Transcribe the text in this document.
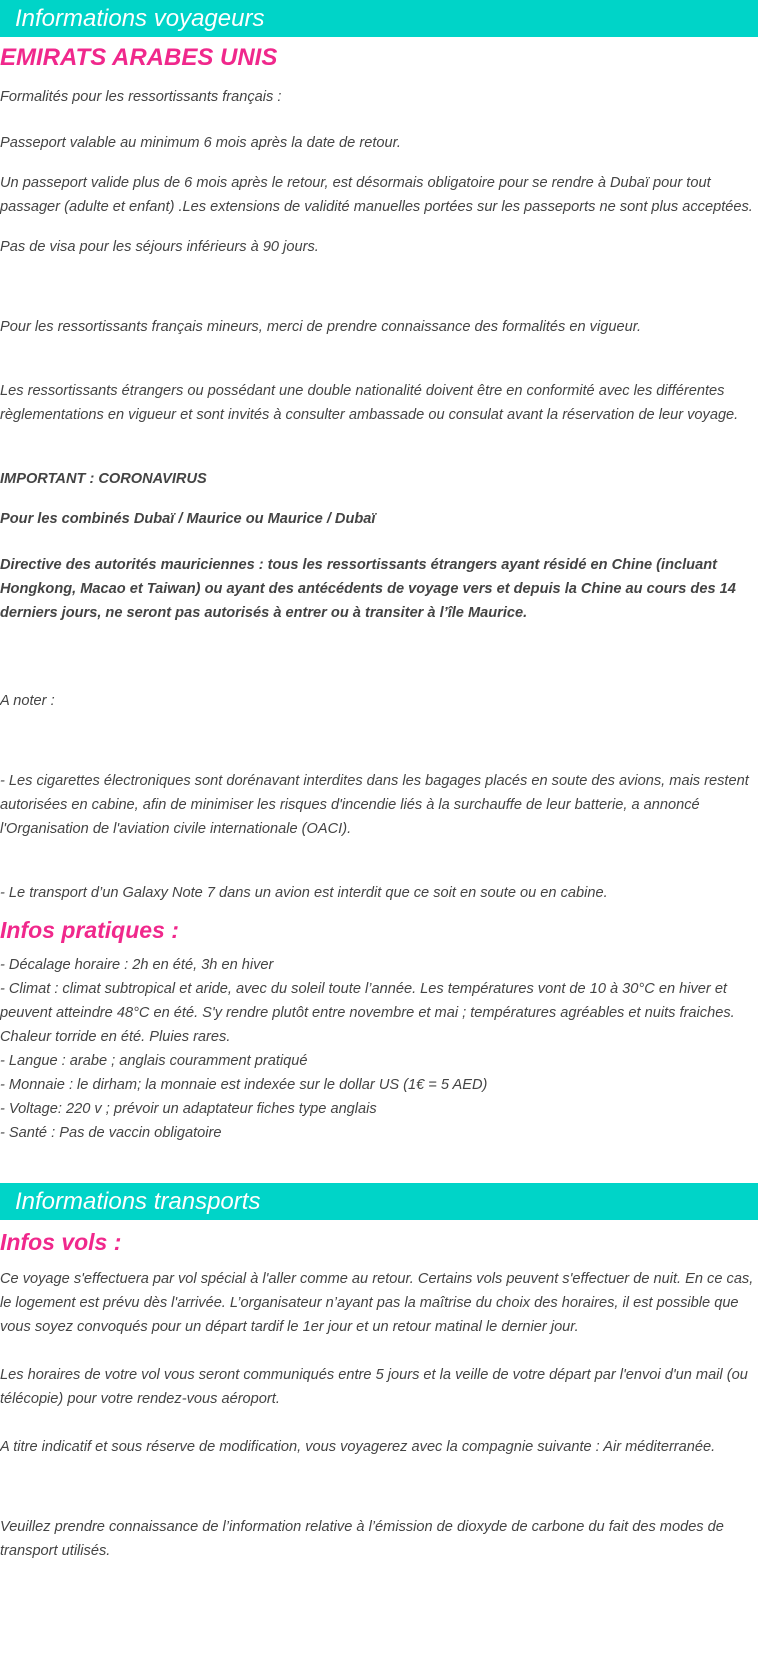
Informations voyageurs
EMIRATS ARABES UNIS

Formalités pour les ressortissants français :

Passeport valable au minimum 6 mois après la date de retour.

Un passeport valide plus de 6 mois après le retour, est désormais obligatoire pour se rendre à Dubaï pour tout passager (adulte et enfant) .Les extensions de validité manuelles portées sur les passeports ne sont plus acceptées.

Pas de visa pour les séjours inférieurs à 90 jours.

Pour les ressortissants français mineurs, merci de prendre connaissance des formalités en vigueur.

Les ressortissants étrangers ou possédant une double nationalité doivent être en conformité avec les différentes règlementations en vigueur et sont invités à consulter ambassade ou consulat avant la réservation de leur voyage.

IMPORTANT : CORONAVIRUS

Pour les combinés Dubaï / Maurice ou Maurice / Dubaï

Directive des autorités mauriciennes : tous les ressortissants étrangers ayant résidé en Chine (incluant Hongkong, Macao et Taiwan) ou ayant des antécédents de voyage vers et depuis la Chine au cours des 14 derniers jours, ne seront pas autorisés à entrer ou à transiter à l’île Maurice.

A noter :

- Les cigarettes électroniques sont dorénavant interdites dans les bagages placés en soute des avions, mais restent autorisées en cabine, afin de minimiser les risques d'incendie liés à la surchauffe de leur batterie, a annoncé l'Organisation de l'aviation civile internationale (OACI).

- Le transport d’un Galaxy Note 7 dans un avion est interdit que ce soit en soute ou en cabine.

Infos pratiques :

- Décalage horaire : 2h en été, 3h en hiver

- Climat : climat subtropical et aride, avec du soleil toute l’année. Les températures vont de 10 à 30°C en hiver et peuvent atteindre 48°C en été. S'y rendre plutôt entre novembre et mai ; températures agréables et nuits fraiches. Chaleur torride en été. Pluies rares.

- Langue : arabe ; anglais couramment pratiqué

- Monnaie : le dirham; la monnaie est indexée sur le dollar US (1€ = 5 AED)

- Voltage: 220 v ; prévoir un adaptateur fiches type anglais

- Santé : Pas de vaccin obligatoire

Informations transports
Infos vols :

Ce voyage s'effectuera par vol spécial à l'aller comme au retour. Certains vols peuvent s'effectuer de nuit. En ce cas, le logement est prévu dès l'arrivée. L’organisateur n’ayant pas la maîtrise du choix des horaires, il est possible que vous soyez convoqués pour un départ tardif le 1er jour et un retour matinal le dernier jour.

Les horaires de votre vol vous seront communiqués entre 5 jours et la veille de votre départ par l'envoi d'un mail (ou télécopie) pour votre rendez-vous aéroport.

A titre indicatif et sous réserve de modification, vous voyagerez avec la compagnie suivante : Air méditerranée.

Veuillez prendre connaissance de l’information relative à l’émission de dioxyde de carbone du fait des modes de transport utilisés.
